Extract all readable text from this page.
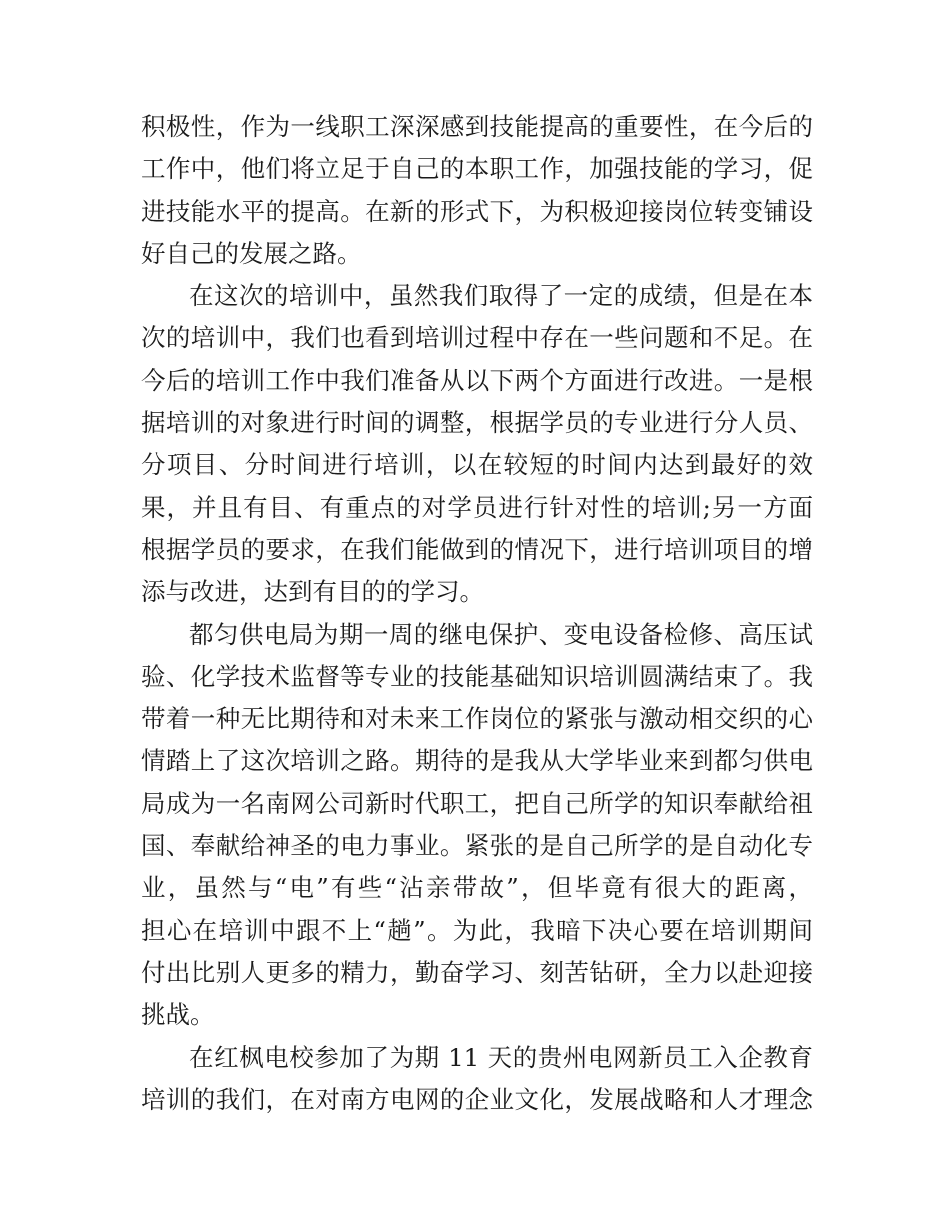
积极性，作为一线职工深深感到技能提高的重要性，在今后的
工作中，他们将立足于自己的本职工作，加强技能的学习，促
进技能水平的提高。在新的形式下，为积极迎接岗位转变铺设
好自己的发展之路。
在这次的培训中，虽然我们取得了一定的成绩，但是在本
次的培训中，我们也看到培训过程中存在一些问题和不足。在
今后的培训工作中我们准备从以下两个方面进行改进。一是根
据培训的对象进行时间的调整，根据学员的专业进行分人员、
分项目、分时间进行培训，以在较短的时间内达到最好的效
果，并且有目、有重点的对学员进行针对性的培训;另一方面
根据学员的要求，在我们能做到的情况下，进行培训项目的增
添与改进，达到有目的的学习。
都匀供电局为期一周的继电保护、变电设备检修、高压试
验、化学技术监督等专业的技能基础知识培训圆满结束了。我
带着一种无比期待和对未来工作岗位的紧张与激动相交织的心
情踏上了这次培训之路。期待的是我从大学毕业来到都匀供电
局成为一名南网公司新时代职工，把自己所学的知识奉献给祖
国、奉献给神圣的电力事业。紧张的是自己所学的是自动化专
业，虽然与“电”有些“沾亲带故”，但毕竟有很大的距离，
担心在培训中跟不上“趟”。为此，我暗下决心要在培训期间
付出比别人更多的精力，勤奋学习、刻苦钻研，全力以赴迎接
挑战。
在红枫电校参加了为期 11 天的贵州电网新员工入企教育
培训的我们，在对南方电网的企业文化，发展战略和人才理念
